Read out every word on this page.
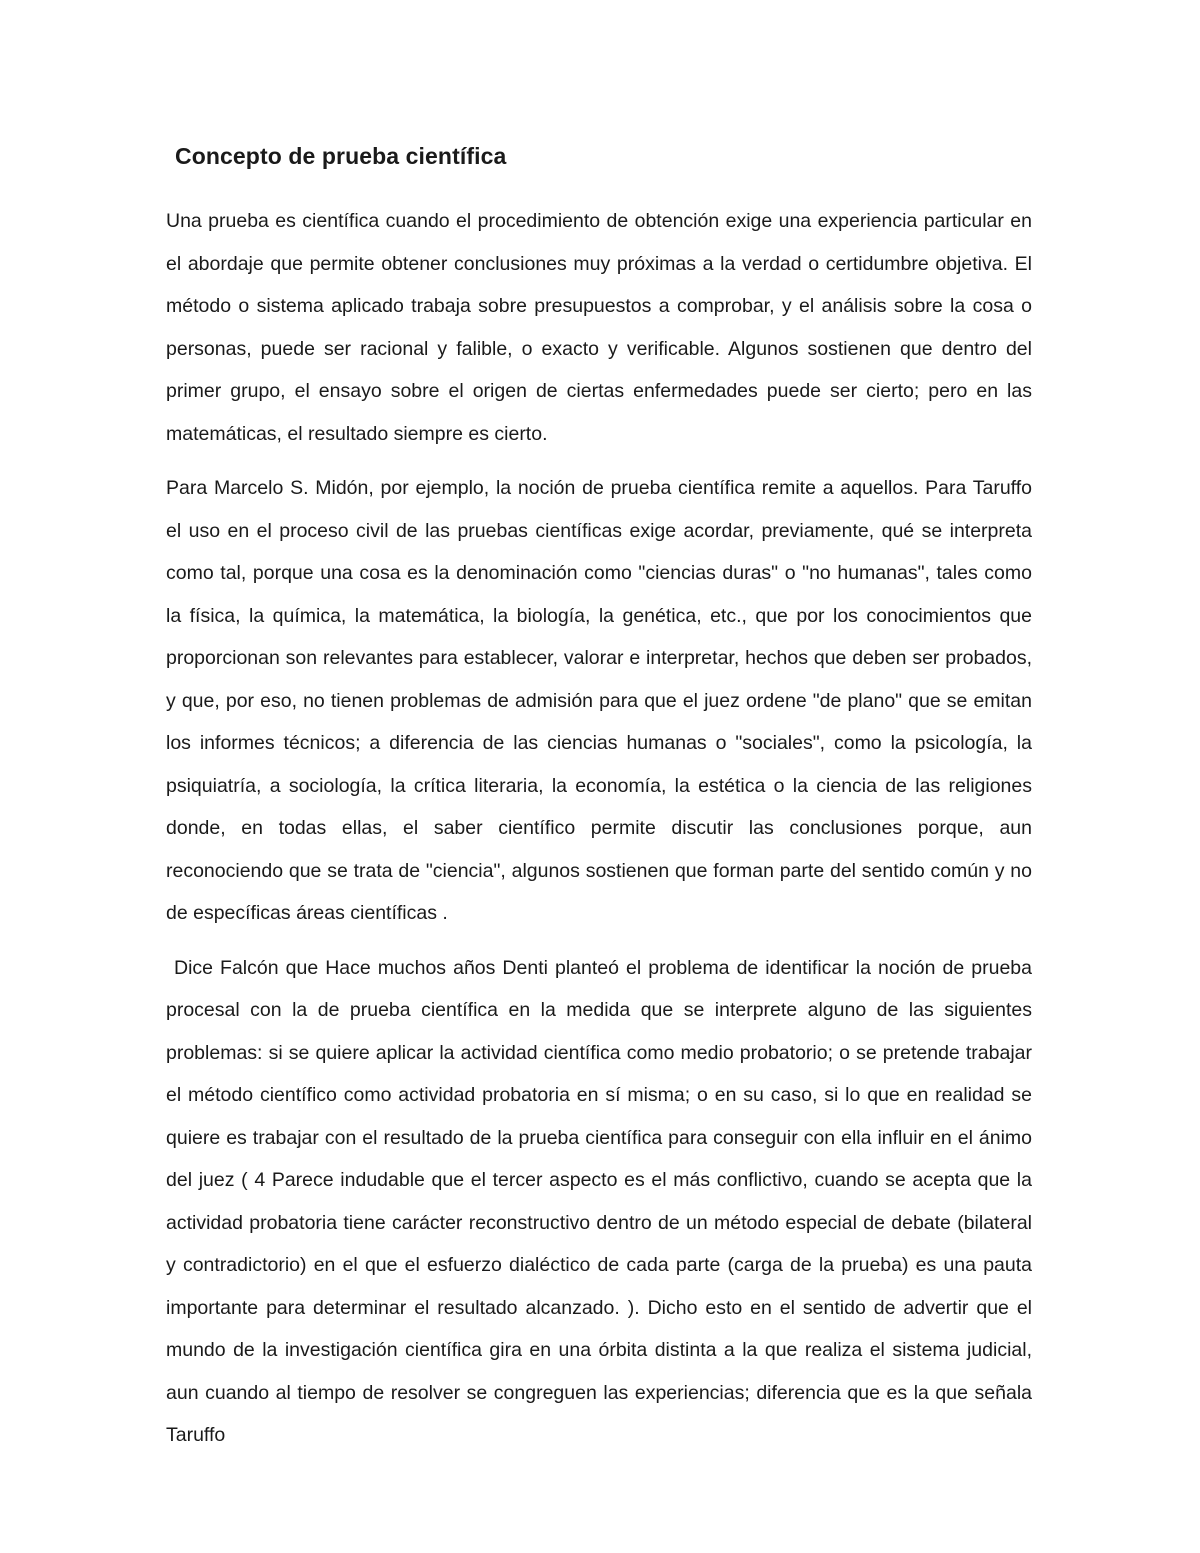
Concepto de prueba científica

Una prueba es científica cuando el procedimiento de obtención exige una experiencia particular en el abordaje que permite obtener conclusiones muy próximas a la verdad o certidumbre objetiva. El método o sistema aplicado trabaja sobre presupuestos a comprobar, y el análisis sobre la cosa o personas, puede ser racional y falible, o exacto y verificable. Algunos sostienen que dentro del primer grupo, el ensayo sobre el origen de ciertas enfermedades puede ser cierto; pero en las matemáticas, el resultado siempre es cierto.

Para Marcelo S. Midón, por ejemplo, la noción de prueba científica remite a aquellos. Para Taruffo el uso en el proceso civil de las pruebas científicas exige acordar, previamente, qué se interpreta como tal, porque una cosa es la denominación como "ciencias duras" o "no humanas", tales como la física, la química, la matemática, la biología, la genética, etc., que por los conocimientos que proporcionan son relevantes para establecer, valorar e interpretar, hechos que deben ser probados, y que, por eso, no tienen problemas de admisión para que el juez ordene "de plano" que se emitan los informes técnicos; a diferencia de las ciencias humanas o "sociales", como la psicología, la psiquiatría, a sociología, la crítica literaria, la economía, la estética o la ciencia de las religiones donde, en todas ellas, el saber científico permite discutir las conclusiones porque, aun reconociendo que se trata de "ciencia", algunos sostienen que forman parte del sentido común y no de específicas áreas científicas .

Dice Falcón que Hace muchos años Denti planteó el problema de identificar la noción de prueba procesal con la de prueba científica en la medida que se interprete alguno de las siguientes problemas: si se quiere aplicar la actividad científica como medio probatorio; o se pretende trabajar el método científico como actividad probatoria en sí misma; o en su caso, si lo que en realidad se quiere es trabajar con el resultado de la prueba científica para conseguir con ella influir en el ánimo del juez ( 4 Parece indudable que el tercer aspecto es el más conflictivo, cuando se acepta que la actividad probatoria tiene carácter reconstructivo dentro de un método especial de debate (bilateral y contradictorio) en el que el esfuerzo dialéctico de cada parte (carga de la prueba) es una pauta importante para determinar el resultado alcanzado. ). Dicho esto en el sentido de advertir que el mundo de la investigación científica gira en una órbita distinta a la que realiza el sistema judicial, aun cuando al tiempo de resolver se congreguen las experiencias; diferencia que es la que señala Taruffo
